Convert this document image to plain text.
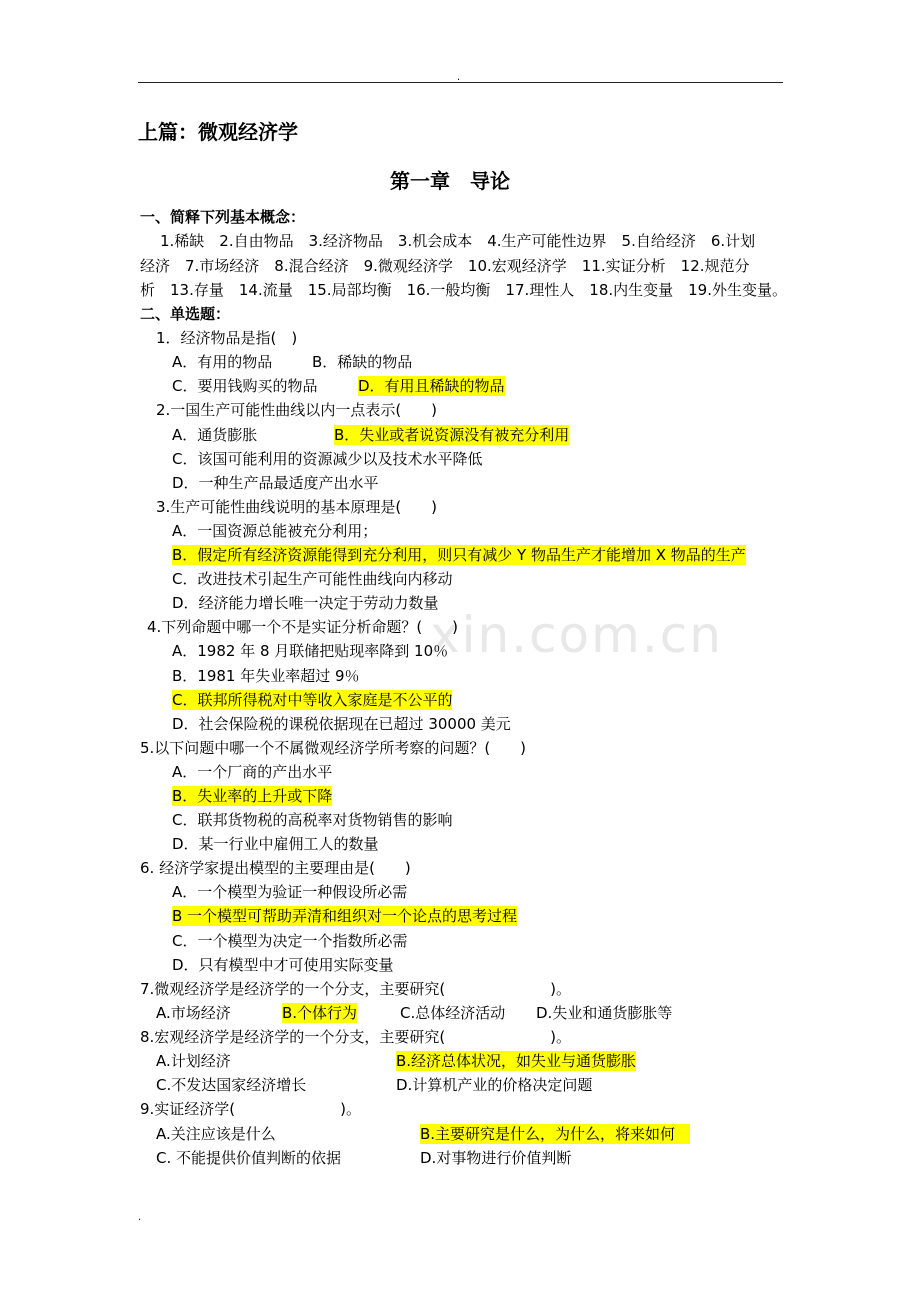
.
xin.com.cn
上篇：微观经济学
第一章　导论
一、简释下列基本概念：
1.稀缺　2.自由物品　3.经济物品　3.机会成本　4.生产可能性边界　5.自给经济　6.计划
经济　7.市场经济　8.混合经济　9.微观经济学　10.宏观经济学　11.实证分析　12.规范分
析　13.存量　14.流量　15.局部均衡　16.一般均衡　17.理性人　18.内生变量　19.外生变量。
二、单选题：
1．经济物品是指(　)
A．有用的物品	B．稀缺的物品
C．要用钱购买的物品	D．有用且稀缺的物品
2.一国生产可能性曲线以内一点表示(　　)
A．通货膨胀	B．失业或者说资源没有被充分利用
C．该国可能利用的资源减少以及技术水平降低
D．一种生产品最适度产出水平
3.生产可能性曲线说明的基本原理是(　　)
A．一国资源总能被充分利用；
B．假定所有经济资源能得到充分利用，则只有减少 Y 物品生产才能增加 X 物品的生产
C．改进技术引起生产可能性曲线向内移动
D．经济能力增长唯一决定于劳动力数量
4.下列命题中哪一个不是实证分析命题？(　　)
A．1982 年 8 月联储把贴现率降到 10％
B．1981 年失业率超过 9％
C．联邦所得税对中等收入家庭是不公平的
D．社会保险税的课税依据现在已超过 30000 美元
5.以下问题中哪一个不属微观经济学所考察的问题？(　　)
A．一个厂商的产出水平
B．失业率的上升或下降
C．联邦货物税的高税率对货物销售的影响
D．某一行业中雇佣工人的数量
6. 经济学家提出模型的主要理由是(　　)
A．一个模型为验证一种假设所必需
B 一个模型可帮助弄清和组织对一个论点的思考过程
C．一个模型为决定一个指数所必需
D．只有模型中才可使用实际变量
7.微观经济学是经济学的一个分支，主要研究(　　　　　　　)。
A.市场经济	B.个体行为	C.总体经济活动 D.失业和通货膨胀等
8.宏观经济学是经济学的一个分支，主要研究(　　　　　　　)。
A.计划经济	B.经济总体状况，如失业与通货膨胀
C.不发达国家经济增长	D.计算机产业的价格决定问题
9.实证经济学(　　　　　　　)。
A.关注应该是什么	B.主要研究是什么，为什么，将来如何　
C. 不能提供价值判断的依据	D.对事物进行价值判断
.
